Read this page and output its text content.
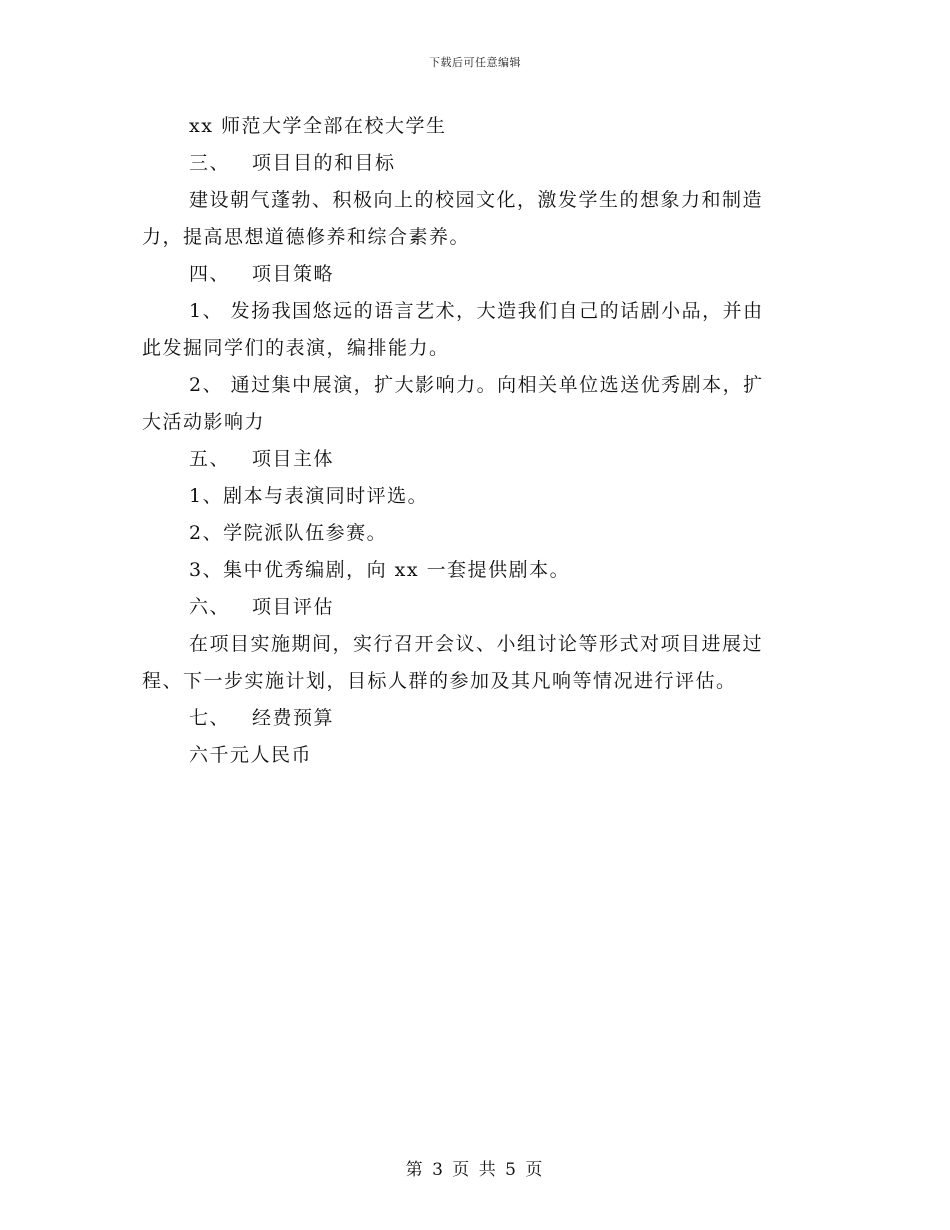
下载后可任意编辑

xx 师范大学全部在校大学生

三、 项目目的和目标

建设朝气蓬勃、积极向上的校园文化，激发学生的想象力和制造

力，提高思想道德修养和综合素养。

四、 项目策略

1、 发扬我国悠远的语言艺术，大造我们自己的话剧小品，并由

此发掘同学们的表演，编排能力。

2、 通过集中展演，扩大影响力。向相关单位选送优秀剧本，扩

大活动影响力

五、 项目主体

1、剧本与表演同时评选。

2、学院派队伍参赛。

3、集中优秀编剧，向 xx 一套提供剧本。

六、 项目评估

在项目实施期间，实行召开会议、小组讨论等形式对项目进展过

程、下一步实施计划，目标人群的参加及其凡响等情况进行评估。

七、 经费预算

六千元人民币

第 3 页 共 5 页
